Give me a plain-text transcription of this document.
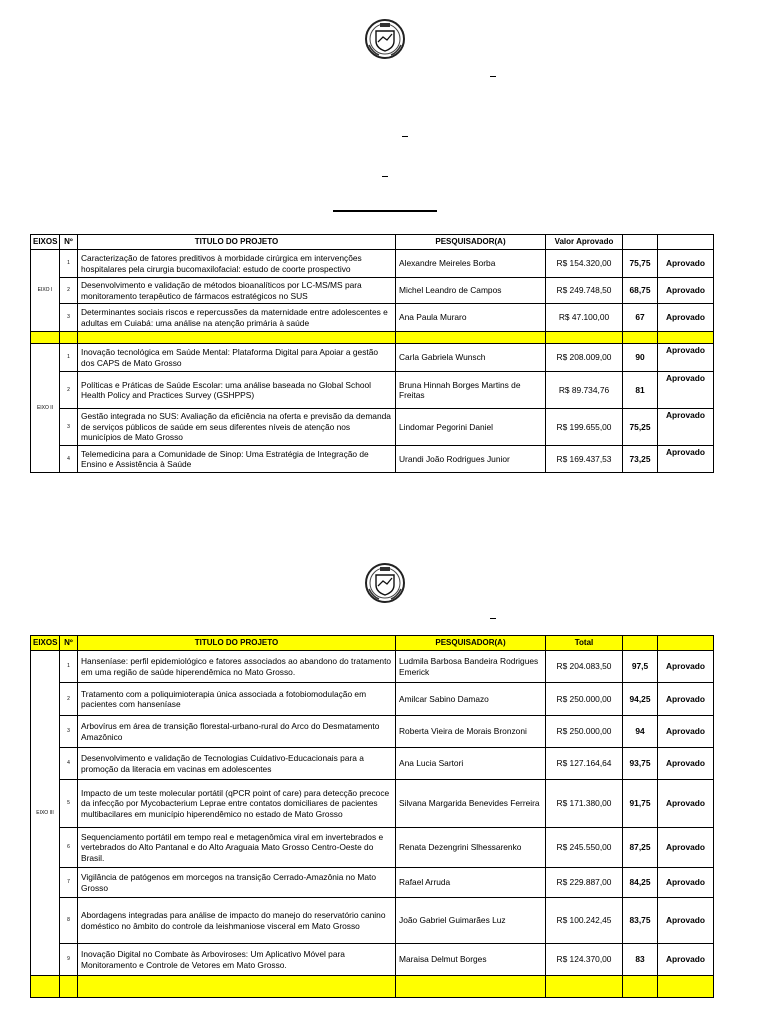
EIXOS	Nº	TITULO DO PROJETO	PESQUISADOR(A)	Valor Aprovado		
EIXO I	1	Caracterização de fatores preditivos à morbidade cirúrgica em intervenções hospitalares pela cirurgia bucomaxilofacial: estudo de coorte prospectivo	Alexandre Meireles Borba	R$ 154.320,00	75,75	Aprovado
	2	Desenvolvimento e validação de métodos bioanalíticos por LC-MS/MS para monitoramento terapêutico de fármacos estratégicos no SUS	Michel Leandro de Campos	R$ 249.748,50	68,75	Aprovado
	3	Determinantes sociais riscos e repercussões da maternidade entre adolescentes e adultas em Cuiabá: uma análise na atenção primária à saúde	Ana Paula Muraro	R$ 47.100,00	67	Aprovado

EIXO II	1	Inovação tecnológica em Saúde Mental: Plataforma Digital para Apoiar a gestão dos CAPS de Mato Grosso	Carla Gabriela Wunsch	R$ 208.009,00	90	Aprovado
	2	Políticas e Práticas de Saúde Escolar: uma análise baseada no Global School Health Policy and Practices Survey (GSHPPS)	Bruna Hinnah Borges Martins de Freitas	R$ 89.734,76	81	Aprovado
	3	Gestão integrada no SUS: Avaliação da eficiência na oferta e previsão da demanda de serviços públicos de saúde em seus diferentes níveis de atenção nos municípios de Mato Grosso	Lindomar Pegorini Daniel	R$ 199.655,00	75,25	Aprovado
	4	Telemedicina para a Comunidade de Sinop: Uma Estratégia de Integração de Ensino e Assistência à Saúde	Urandi João Rodrigues Junior	R$ 169.437,53	73,25	Aprovado
EIXOS	Nº	TITULO DO PROJETO	PESQUISADOR(A)	Total		
EIXO III	1	Hanseníase: perfil epidemiológico e fatores associados ao abandono do tratamento em uma região de saúde hiperendêmica no Mato Grosso.	Ludmila Barbosa Bandeira Rodrigues Emerick	R$ 204.083,50	97,5	Aprovado
	2	Tratamento com a poliquimioterapia única associada a fotobiomodulação em pacientes com hanseníase	Amilcar Sabino Damazo	R$ 250.000,00	94,25	Aprovado
	3	Arbovírus em área de transição florestal-urbano-rural do Arco do Desmatamento Amazônico	Roberta Vieira de Morais Bronzoni	R$ 250.000,00	94	Aprovado
	4	Desenvolvimento e validação de Tecnologias Cuidativo-Educacionais para a promoção da literacia em vacinas em adolescentes	Ana Lucia Sartori	R$ 127.164,64	93,75	Aprovado
	5	Impacto de um teste molecular portátil (qPCR point of care) para detecção precoce da infecção por Mycobacterium Leprae entre contatos domiciliares de pacientes multibacilares em município hiperendêmico no estado de Mato Grosso	Silvana Margarida Benevides Ferreira	R$ 171.380,00	91,75	Aprovado
	6	Sequenciamento portátil em tempo real e metagenômica viral em invertebrados e vertebrados do Alto Pantanal e do Alto Araguaia Mato Grosso Centro-Oeste do Brasil.	Renata Dezengrini Slhessarenko	R$ 245.550,00	87,25	Aprovado
	7	Vigilância de patógenos em morcegos na transição Cerrado-Amazônia no Mato Grosso	Rafael Arruda	R$ 229.887,00	84,25	Aprovado
	8	Abordagens integradas para análise de impacto do manejo do reservatório canino doméstico no âmbito do controle da leishmaniose visceral em Mato Grosso	João Gabriel Guimarães Luz	R$ 100.242,45	83,75	Aprovado
	9	Inovação Digital no Combate às Arboviroses: Um Aplicativo Móvel para Monitoramento e Controle de Vetores em Mato Grosso.	Maraisa Delmut Borges	R$ 124.370,00	83	Aprovado
